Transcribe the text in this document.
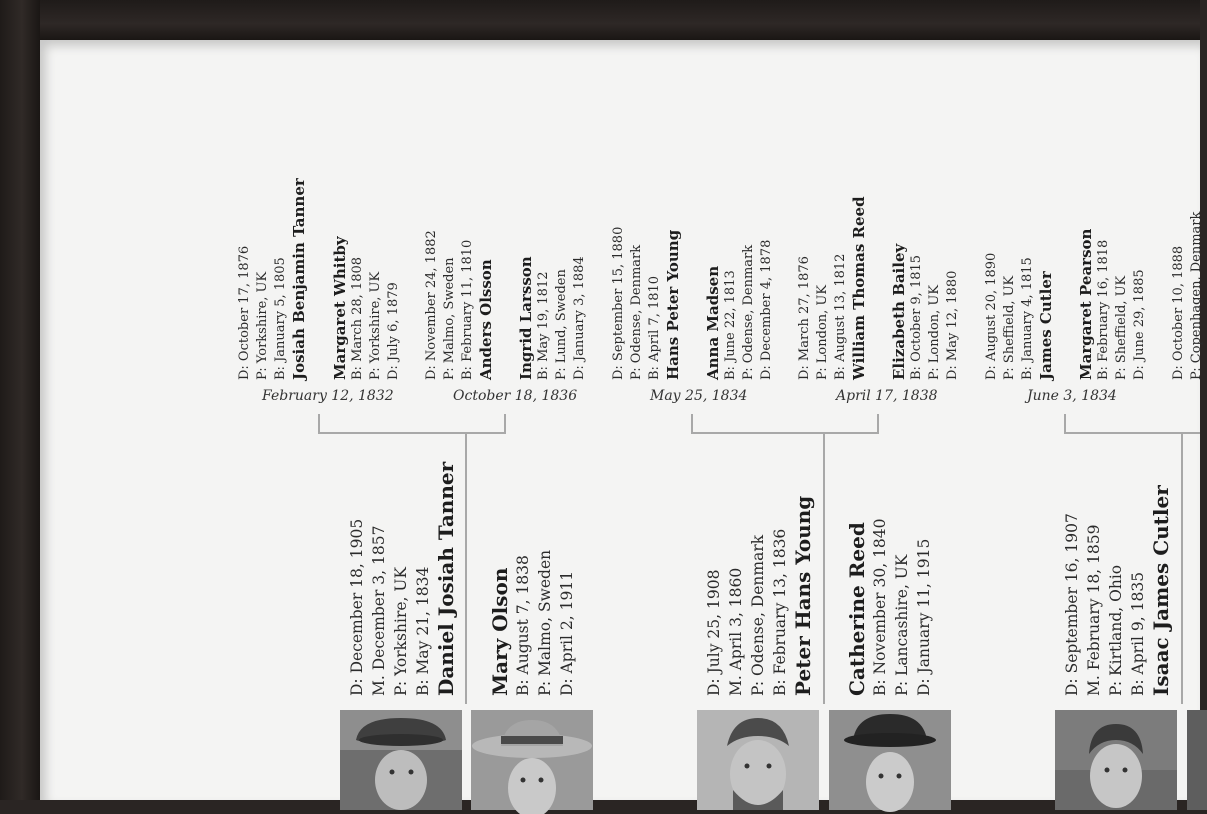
D: October 17, 1876 P: Yorkshire, UK B: January 5, 1805 Josiah Benjamin Tanner Margaret Whitby B: March 28, 1808 P: Yorkshire, UK D: July 6, 1879 D: November 24, 1882 P: Malmo, Sweden B: February 11, 1810 Anders Olsson Ingrid Larsson B: May 19, 1812 P: Lund, Sweden D: January 3, 1884 D: September 15, 1880 P: Odense, Denmark B: April 7, 1810 Hans Peter Young Anna Madsen B: June 22, 1813 P: Odense, Denmark D: December 4, 1878 D: March 27, 1876 P: London, UK B: August 13, 1812 William Thomas Reed Elizabeth Bailey B: October 9, 1815 P: London, UK D: May 12, 1880 D: August 20, 1890 P: Sheffield, UK B: January 4, 1815 James Cutler Margaret Pearson B: February 16, 1818 P: Sheffield, UK D: June 29, 1885 D: October 10, 1888 P: Copenhagen, Denmark
February 12, 1832	October 18, 1836	May 25, 1834	April 17, 1838	June 3, 1834
D: December 18, 1905 M. December 3, 1857 P: Yorkshire, UK B: May 21, 1834 Daniel Josiah Tanner Mary Olson B: August 7, 1838 P: Malmo, Sweden D: April 2, 1911	D: July 25, 1908 M. April 3, 1860 P: Odense, Denmark B: February 13, 1836 Peter Hans Young Catherine Reed B: November 30, 1840 P: Lancashire, UK D: January 11, 1915	D: September 16, 1907 M. February 18, 1859 P: Kirtland, Ohio B: April 9, 1835 Isaac James Cutler
